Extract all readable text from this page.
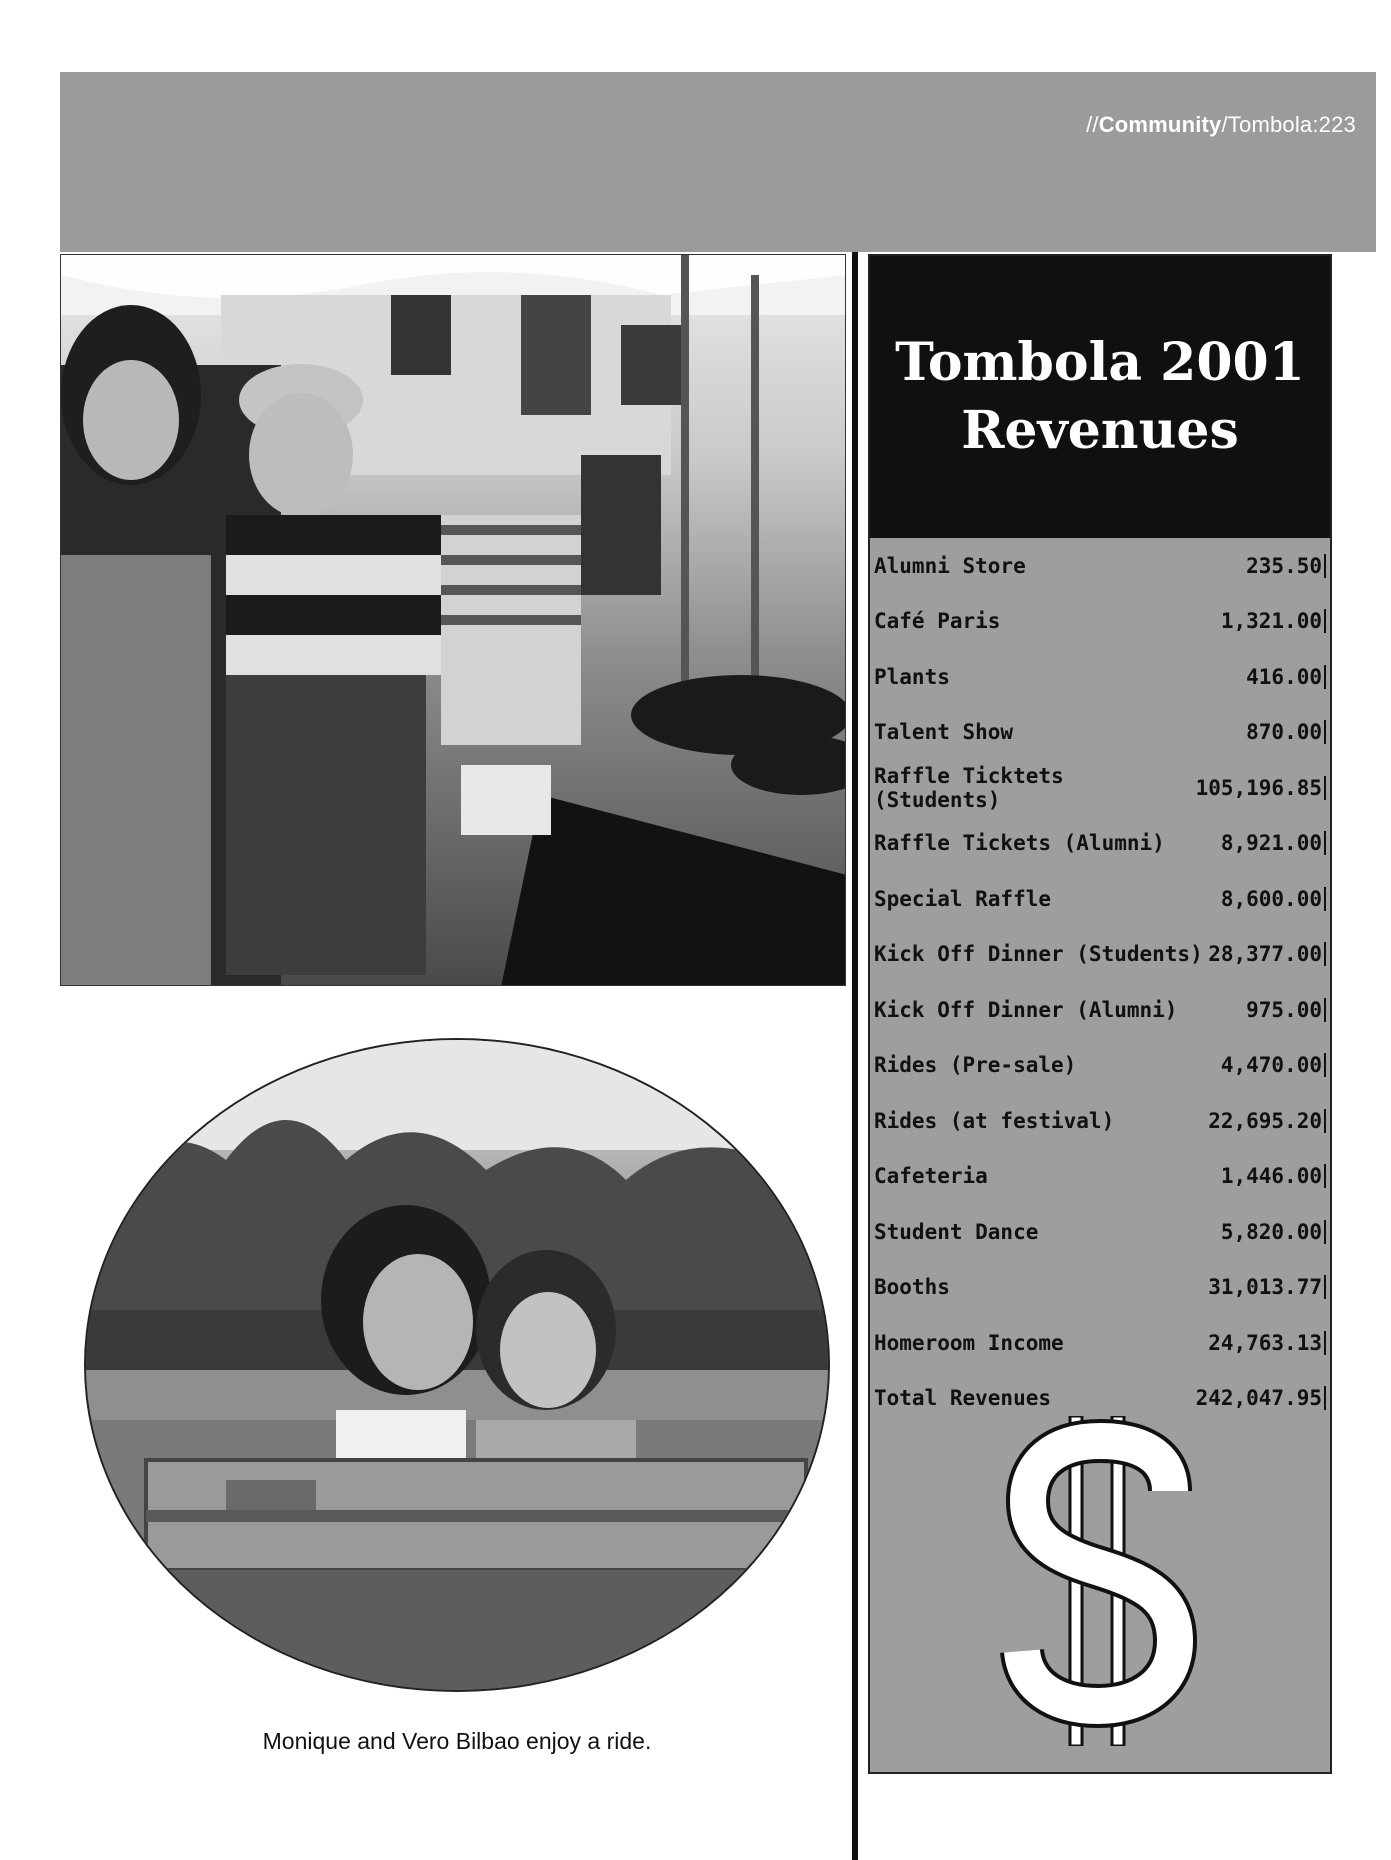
//Community/Tombola:223
Monique and Vero Bilbao enjoy a ride.
Tombola 2001
Revenues
Alumni Store	235.50
Café Paris	1,321.00
Plants	416.00
Talent Show	870.00
Raffle Ticktets (Students)	105,196.85
Raffle Tickets (Alumni)	8,921.00
Special Raffle	8,600.00
Kick Off Dinner (Students) 28,377.00
Kick Off Dinner (Alumni)	975.00
Rides (Pre-sale)	4,470.00
Rides (at festival)	22,695.20
Cafeteria	1,446.00
Student Dance	5,820.00
Booths	31,013.77
Homeroom Income	24,763.13
Total Revenues	242,047.95
